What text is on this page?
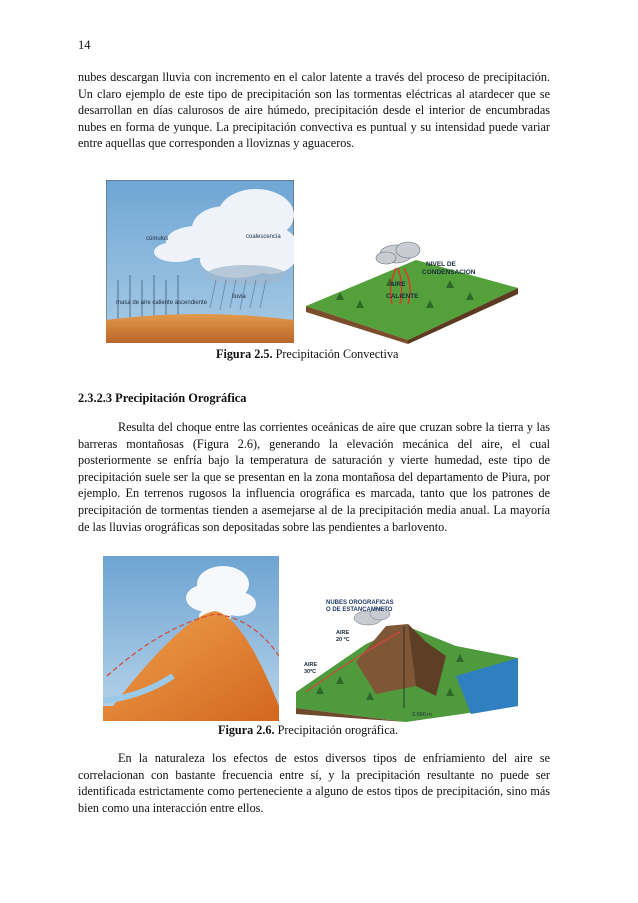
14

nubes descargan lluvia con incremento en el calor latente a través del proceso de precipitación. Un claro ejemplo de este tipo de precipitación son las tormentas eléctricas al atardecer que se desarrollan en días calurosos de aire húmedo, precipitación desde el interior de encumbradas nubes en forma de yunque. La precipitación convectiva es puntual y su intensidad puede variar entre aquellas que corresponden a lloviznas y aguaceros.

cúmulos	coalescencia
lluvia
masa de aire caliente ascendiente
NIVEL DE
CONDENSACION
AIRE
CALIENTE
Figura 2.5. Precipitación Convectiva
2.3.2.3 Precipitación Orográfica

Resulta del choque entre las corrientes oceánicas de aire que cruzan sobre la tierra y las barreras montañosas (Figura 2.6), generando la elevación mecánica del aire, el cual posteriormente se enfría bajo la temperatura de saturación y vierte humedad, este tipo de precipitación suele ser la que se presentan en la zona montañosa del departamento de Piura, por ejemplo. En terrenos rugosos la influencia orográfica es marcada, tanto que los patrones de precipitación de tormentas tienden a asemejarse al de la precipitación media anual. La mayoría de las lluvias orográficas son depositadas sobre las pendientes a barlovento.

NUBES OROGRAFICAS
O DE ESTANCAMNETO
AIRE
20 ºC
AIRE
30ºC
2.000 m
Figura 2.6. Precipitación orográfica.

En la naturaleza los efectos de estos diversos tipos de enfriamiento del aire se correlacionan con bastante frecuencia entre sí, y la precipitación resultante no puede ser identificada estrictamente como perteneciente a alguno de estos tipos de precipitación, sino más bien como una interacción entre ellos.
